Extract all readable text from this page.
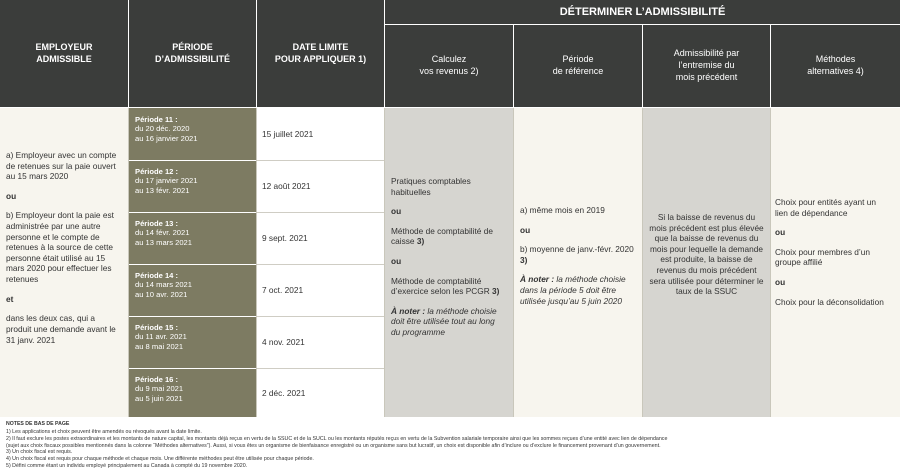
EMPLOYEUR
ADMISSIBLE
PÉRIODE
D’ADMISSIBILITÉ
DATE LIMITE
POUR APPLIQUER 1)
DÉTERMINER L’ADMISSIBILITÉ
Calculez
vos revenus 2)
Période
de référence
Admissibilité par
l’entremise du
mois précédent
Méthodes
alternatives 4)
a) Employeur avec un compte de retenues sur la paie ouvert au 15 mars 2020
ou
b) Employeur dont la paie est administrée par une autre personne et le compte de retenues à la source de cette personne était utilisé au 15 mars 2020 pour effectuer les retenues
et
dans les deux cas, qui a produit une demande avant le 31 janv. 2021
Période 11 :
du 20 déc. 2020
au 16 janvier 2021
Période 12 :
du 17 janvier 2021
au 13 févr. 2021
Période 13 :
du 14 févr. 2021
au 13 mars 2021
Période 14 :
du 14 mars 2021
au 10 avr. 2021
Période 15 :
du 11 avr. 2021
au 8 mai 2021
Période 16 :
du 9 mai 2021
au 5 juin 2021
15 juillet 2021
12 août 2021
9 sept. 2021
7 oct. 2021
4 nov. 2021
2 déc. 2021
Pratiques comptables habituelles
ou
Méthode de comptabilité de caisse 3)
ou
Méthode de comptabilité d’exercice selon les PCGR 3)
À noter : la méthode choisie doit être utilisée tout au long du programme
a) même mois en 2019
ou
b) moyenne de janv.-févr. 2020 3)
À noter : la méthode choisie dans la période 5 doit être utilisée jusqu’au 5 juin 2020
Si la baisse de revenus du mois précédent est plus élevée que la baisse de revenus du mois pour lequelle la demande est produite, la baisse de revenus du mois précédent sera utilisée pour déterminer le taux de la SSUC
Choix pour entités ayant un lien de dépendance
ou
Choix pour membres d’un groupe affilié
ou
Choix pour la déconsolidation
NOTES DE BAS DE PAGE
1) Les applications et choix peuvent être amendés ou révoqués avant la date limite.
2) Il faut exclure les postes extraordinaires et les montants de nature capital, les montants déjà reçus en vertu de la SSUC et de la SUCL ou les montants réputés reçus en vertu de la Subvention salariale temporaire ainsi que les sommes reçues d’une entité avec lien de dépendance
(sujet aux choix fiscaux possibles mentionnés dans la colonne “Méthodes alternatives”). Aussi, si vous êtes un organisme de bienfaisance enregistré ou un organisme sans but lucratif, un choix est disponible afin d’inclure ou d’exclure le financement provenant d’un gouvernement.
3) Un choix fiscal est requis.
4) Un choix fiscal est requis pour chaque méthode et chaque mois. Une différente méthodes peut être utilisée pour chaque période.
5) Défini comme étant un individu employé principalement au Canada à compté du 19 novembre 2020.
